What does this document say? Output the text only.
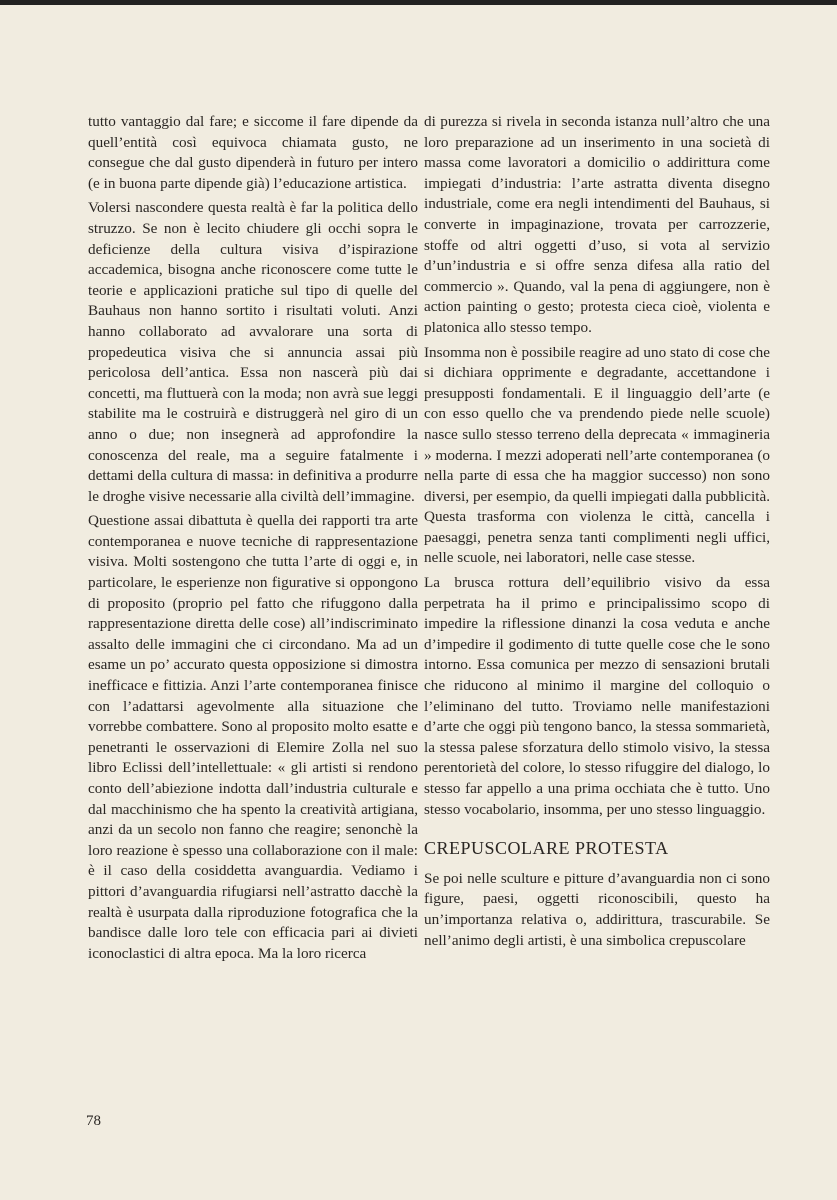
tutto vantaggio dal fare; e siccome il fare dipende da quell’entità così equivoca chiamata gusto, ne consegue che dal gusto dipenderà in futuro per intero (e in buona parte dipende già) l’educazione artistica.

Volersi nascondere questa realtà è far la politica dello struzzo. Se non è lecito chiudere gli occhi sopra le deficienze della cultura visiva d’ispirazione accademica, bisogna anche riconoscere come tutte le teorie e applicazioni pratiche sul tipo di quelle del Bauhaus non hanno sortito i risultati voluti. Anzi hanno collaborato ad avvalorare una sorta di propedeutica visiva che si annuncia assai più pericolosa dell’antica. Essa non nascerà più dai concetti, ma fluttuerà con la moda; non avrà sue leggi stabilite ma le costruirà e distruggerà nel giro di un anno o due; non insegnerà ad approfondire la conoscenza del reale, ma a seguire fatalmente i dettami della cultura di massa: in definitiva a produrre le droghe visive necessarie alla civiltà dell’immagine.

Questione assai dibattuta è quella dei rapporti tra arte contemporanea e nuove tecniche di rappresentazione visiva. Molti sostengono che tutta l’arte di oggi e, in particolare, le esperienze non figurative si oppongono di proposito (proprio pel fatto che rifuggono dalla rappresentazione diretta delle cose) all’indiscriminato assalto delle immagini che ci circondano. Ma ad un esame un po’ accurato questa opposizione si dimostra inefficace e fittizia. Anzi l’arte contemporanea finisce con l’adattarsi agevolmente alla situazione che vorrebbe combattere. Sono al proposito molto esatte e penetranti le osservazioni di Elemire Zolla nel suo libro Eclissi dell’intellettuale: « gli artisti si rendono conto dell’abiezione indotta dall’industria culturale e dal macchinismo che ha spento la creatività artigiana, anzi da un secolo non fanno che reagire; senonchè la loro reazione è spesso una collaborazione con il male: è il caso della cosiddetta avanguardia. Vediamo i pittori d’avanguardia rifugiarsi nell’astratto dacchè la realtà è usurpata dalla riproduzione fotografica che la bandisce dalle loro tele con efficacia pari ai divieti iconoclastici di altra epoca. Ma la loro ricerca

di purezza si rivela in seconda istanza null’altro che una loro preparazione ad un inserimento in una società di massa come lavoratori a domicilio o addirittura come impiegati d’industria: l’arte astratta diventa disegno industriale, come era negli intendimenti del Bauhaus, si converte in impaginazione, trovata per carrozzerie, stoffe od altri oggetti d’uso, si vota al servizio d’un’industria e si offre senza difesa alla ratio del commercio ». Quando, val la pena di aggiungere, non è action painting o gesto; protesta cieca cioè, violenta e platonica allo stesso tempo.

Insomma non è possibile reagire ad uno stato di cose che si dichiara opprimente e degradante, accettandone i presupposti fondamentali. E il linguaggio dell’arte (e con esso quello che va prendendo piede nelle scuole) nasce sullo stesso terreno della deprecata « immagineria » moderna. I mezzi adoperati nell’arte contemporanea (o nella parte di essa che ha maggior successo) non sono diversi, per esempio, da quelli impiegati dalla pubblicità. Questa trasforma con violenza le città, cancella i paesaggi, penetra senza tanti complimenti negli uffici, nelle scuole, nei laboratori, nelle case stesse.

La brusca rottura dell’equilibrio visivo da essa perpetrata ha il primo e principalissimo scopo di impedire la riflessione dinanzi la cosa veduta e anche d’impedire il godimento di tutte quelle cose che le sono intorno. Essa comunica per mezzo di sensazioni brutali che riducono al minimo il margine del colloquio o l’eliminano del tutto. Troviamo nelle manifestazioni d’arte che oggi più tengono banco, la stessa sommarietà, la stessa palese sforzatura dello stimolo visivo, la stessa perentorietà del colore, lo stesso rifuggire del dialogo, lo stesso far appello a una prima occhiata che è tutto. Uno stesso vocabolario, insomma, per uno stesso linguaggio.

CREPUSCOLARE PROTESTA

Se poi nelle sculture e pitture d’avanguardia non ci sono figure, paesi, oggetti riconoscibili, questo ha un’importanza relativa o, addirittura, trascurabile. Se nell’animo degli artisti, è una simbolica crepuscolare

78
